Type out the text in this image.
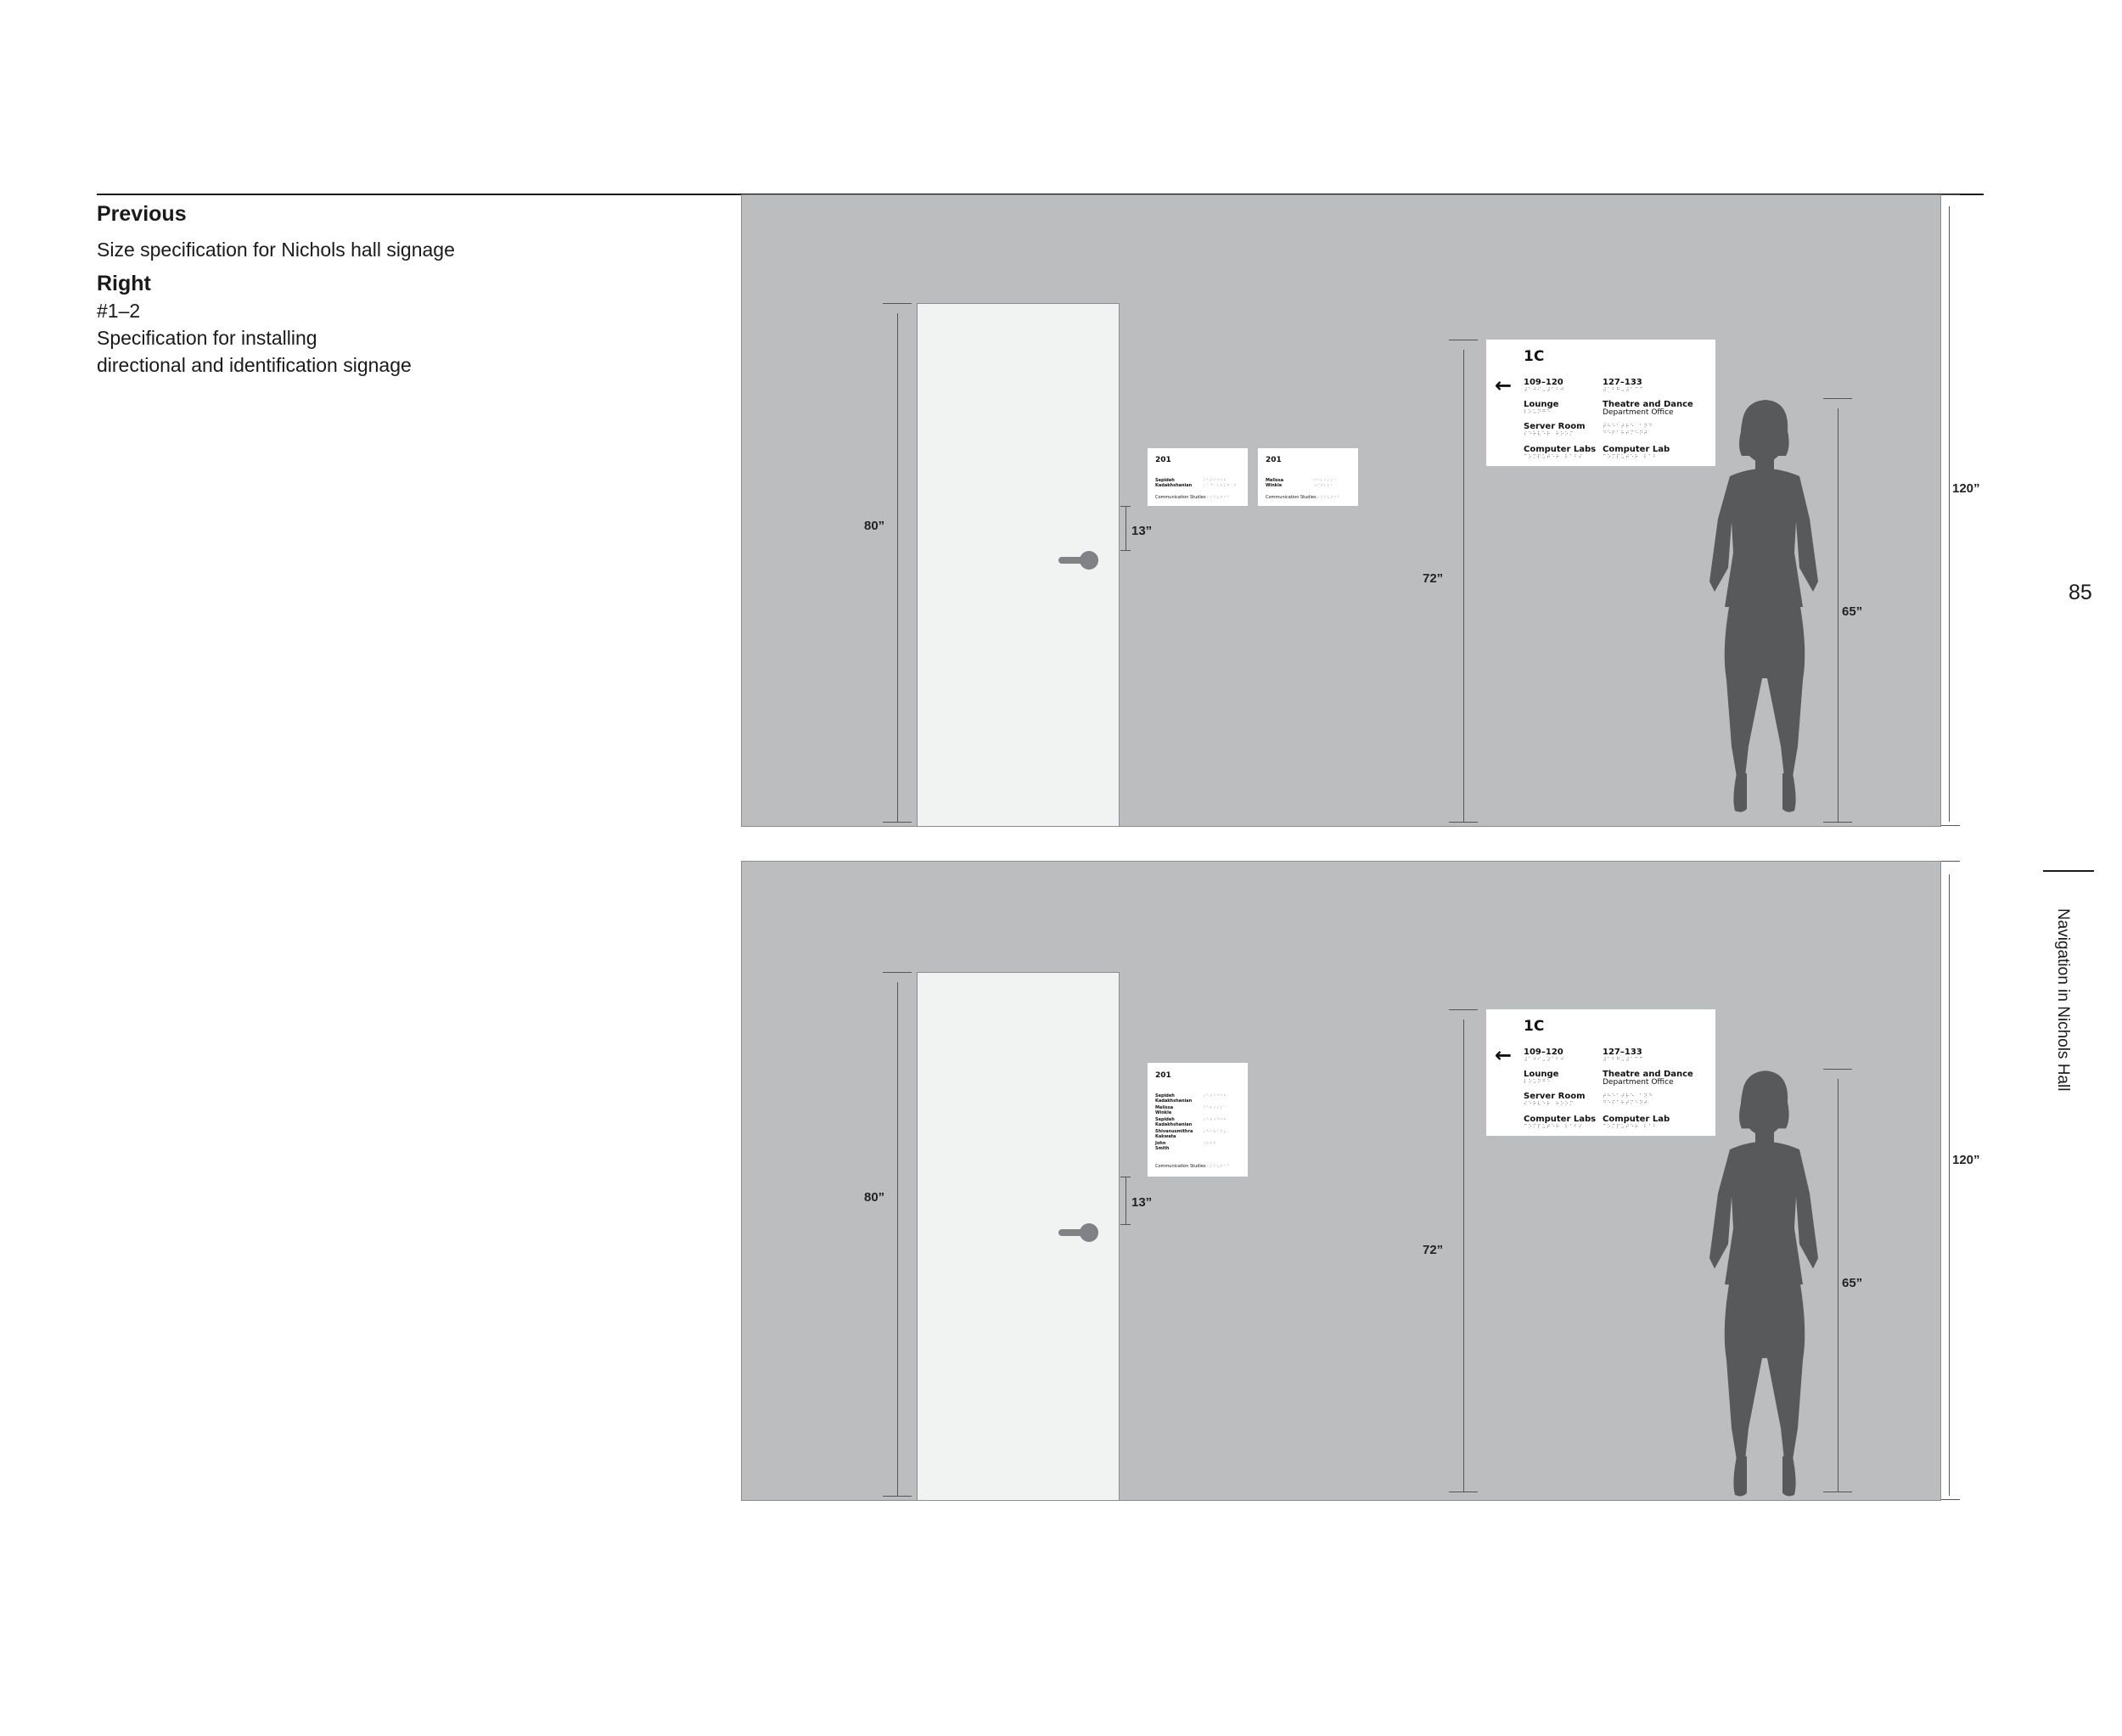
Previous
Size specification for Nichols hall signage
Right
#1–2
Specification for installing
directional and identification signage
85
Navigation in Nichols Hall
80”
201
Sepideh
Kadakhshanian
⠎⠑⠏⠊⠙⠑⠓
⠅⠁⠙⠁⠅⠓⠎⠓⠁⠝
Communication Studies
⠉⠕⠍⠍⠥⠝⠊⠉
201
Melissa
Winkle
⠍⠑⠇⠊⠎⠎⠁
⠺⠊⠝⠅⠇⠑
Communication Studies
⠉⠕⠍⠍⠥⠝⠊⠉
13”
1C
← 109–120
⠼⠁⠚⠊⠤⠼⠁⠃⠚
Lounge
⠇⠕⠥⠝⠛⠑
Server Room
⠎⠑⠗⠧⠑⠗⠀⠗⠕⠕⠍
Computer Labs
⠉⠕⠍⠏⠥⠞⠑⠗⠀⠇⠁⠃⠎
127–133
⠼⠁⠃⠛⠤⠼⠁⠉⠉
Theatre and Dance
Department Office
⠞⠓⠑⠁⠞⠗⠑⠀⠁⠝⠙
⠙⠑⠏⠁⠗⠞⠍⠑⠝⠞
Computer Lab
⠉⠕⠍⠏⠥⠞⠑⠗⠀⠇⠁⠃
72”
65”
120”
80”
201
Sepideh
Kadakhshanian
Melissa
Winkle
Sepideh
Kadakhshanian
Shivanusmithra
Kakwata
John
Smith
⠎⠑⠏⠊⠙⠑⠓
⠍⠑⠇⠊⠎⠎⠁
⠎⠑⠏⠊⠙⠑⠓
⠎⠓⠊⠧⠁⠝⠥
⠚⠕⠓⠝
Communication Studies
⠉⠕⠍⠍⠥⠝⠊⠉
13”
1C
← 109–120
⠼⠁⠚⠊⠤⠼⠁⠃⠚
Lounge
⠇⠕⠥⠝⠛⠑
Server Room
⠎⠑⠗⠧⠑⠗⠀⠗⠕⠕⠍
Computer Labs
⠉⠕⠍⠏⠥⠞⠑⠗⠀⠇⠁⠃⠎
127–133
⠼⠁⠃⠛⠤⠼⠁⠉⠉
Theatre and Dance
Department Office
⠞⠓⠑⠁⠞⠗⠑⠀⠁⠝⠙
⠙⠑⠏⠁⠗⠞⠍⠑⠝⠞
Computer Lab
⠉⠕⠍⠏⠥⠞⠑⠗⠀⠇⠁⠃
72”
65”
120”
